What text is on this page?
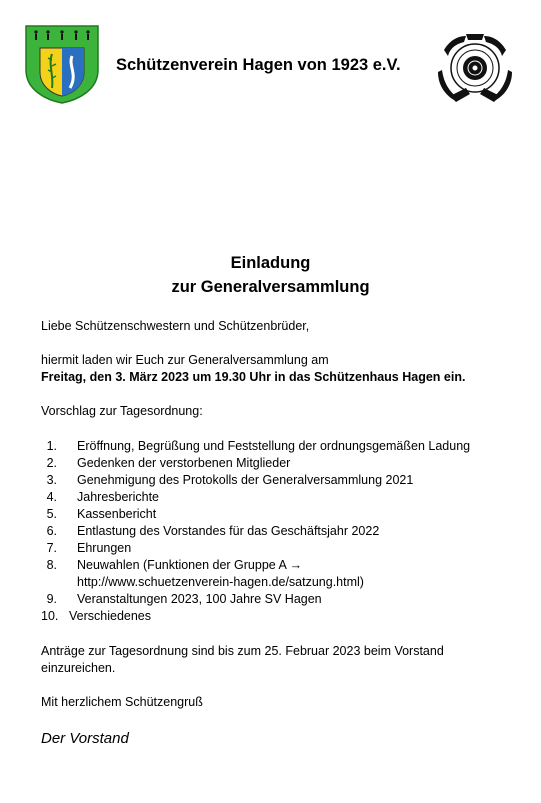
Schützenverein Hagen von 1923 e.V.
Einladung
zur Generalversammlung
Liebe Schützenschwestern und Schützenbrüder,
hiermit laden wir Euch zur Generalversammlung am
Freitag, den 3. März 2023 um 19.30 Uhr in das Schützenhaus Hagen ein.
Vorschlag zur Tagesordnung:
1. Eröffnung, Begrüßung und Feststellung der ordnungsgemäßen Ladung
2. Gedenken der verstorbenen Mitglieder
3. Genehmigung des Protokolls der Generalversammlung 2021
4. Jahresberichte
5. Kassenbericht
6. Entlastung des Vorstandes für das Geschäftsjahr 2022
7. Ehrungen
8. Neuwahlen (Funktionen der Gruppe A →
http://www.schuetzenverein-hagen.de/satzung.html)
9. Veranstaltungen 2023, 100 Jahre SV Hagen
10. Verschiedenes
Anträge zur Tagesordnung sind bis zum 25. Februar 2023 beim Vorstand
einzureichen.
Mit herzlichem Schützengruß
Der Vorstand
